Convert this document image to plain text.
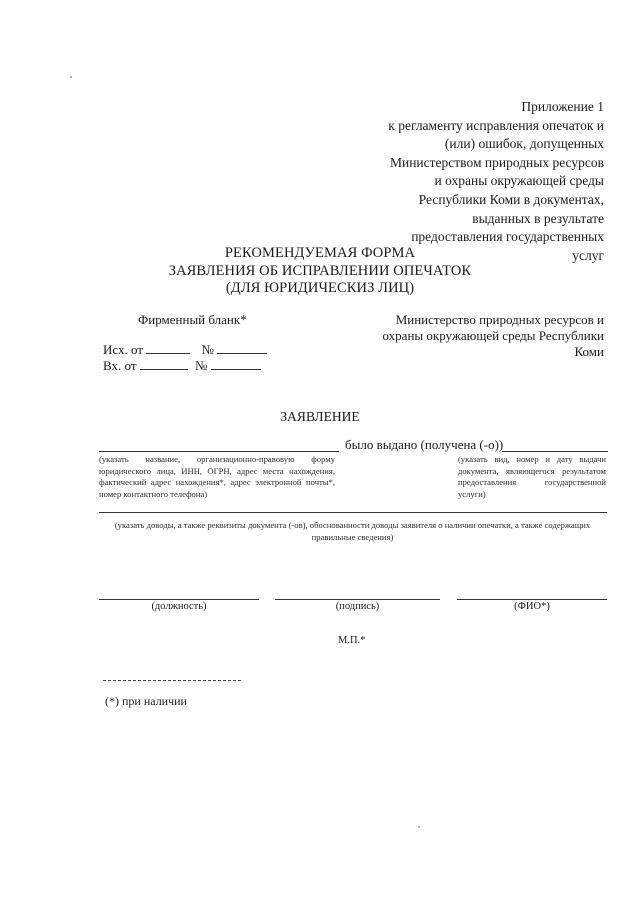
Приложение 1
к регламенту исправления опечаток и
(или) ошибок, допущенных
Министерством природных ресурсов
и охраны окружающей среды
Республики Коми в документах,
выданных в результате
предоставления государственных
услуг
РЕКОМЕНДУЕМАЯ ФОРМА
ЗАЯВЛЕНИЯ ОБ ИСПРАВЛЕНИИ ОПЕЧАТОК
(ДЛЯ ЮРИДИЧЕСКИЗ ЛИЦ)
Фирменный бланк*	Министерство природных ресурсов и охраны окружающей среды Республики Коми
Исх. от	№
Вх. от	№
ЗАЯВЛЕНИЕ
было выдано (получена (-о))
(указать название, организационно-правовую форму юридического лица, ИНН, ОГРН, адрес места нахождения, фактический адрес нахождения*, адрес электронной почты*, номер контактного телефона)
(указать вид, номер и дату выдачи документа, являющегося результатом предоставления государственной услуги)
(указать доводы, а также реквизиты документа (-ов), обоснованности доводы заявителя о наличии опечатки, а также содержащих правильные сведения)
(должность)	(подпись)	(ФИО*)
М.П.*
(*) при наличии
